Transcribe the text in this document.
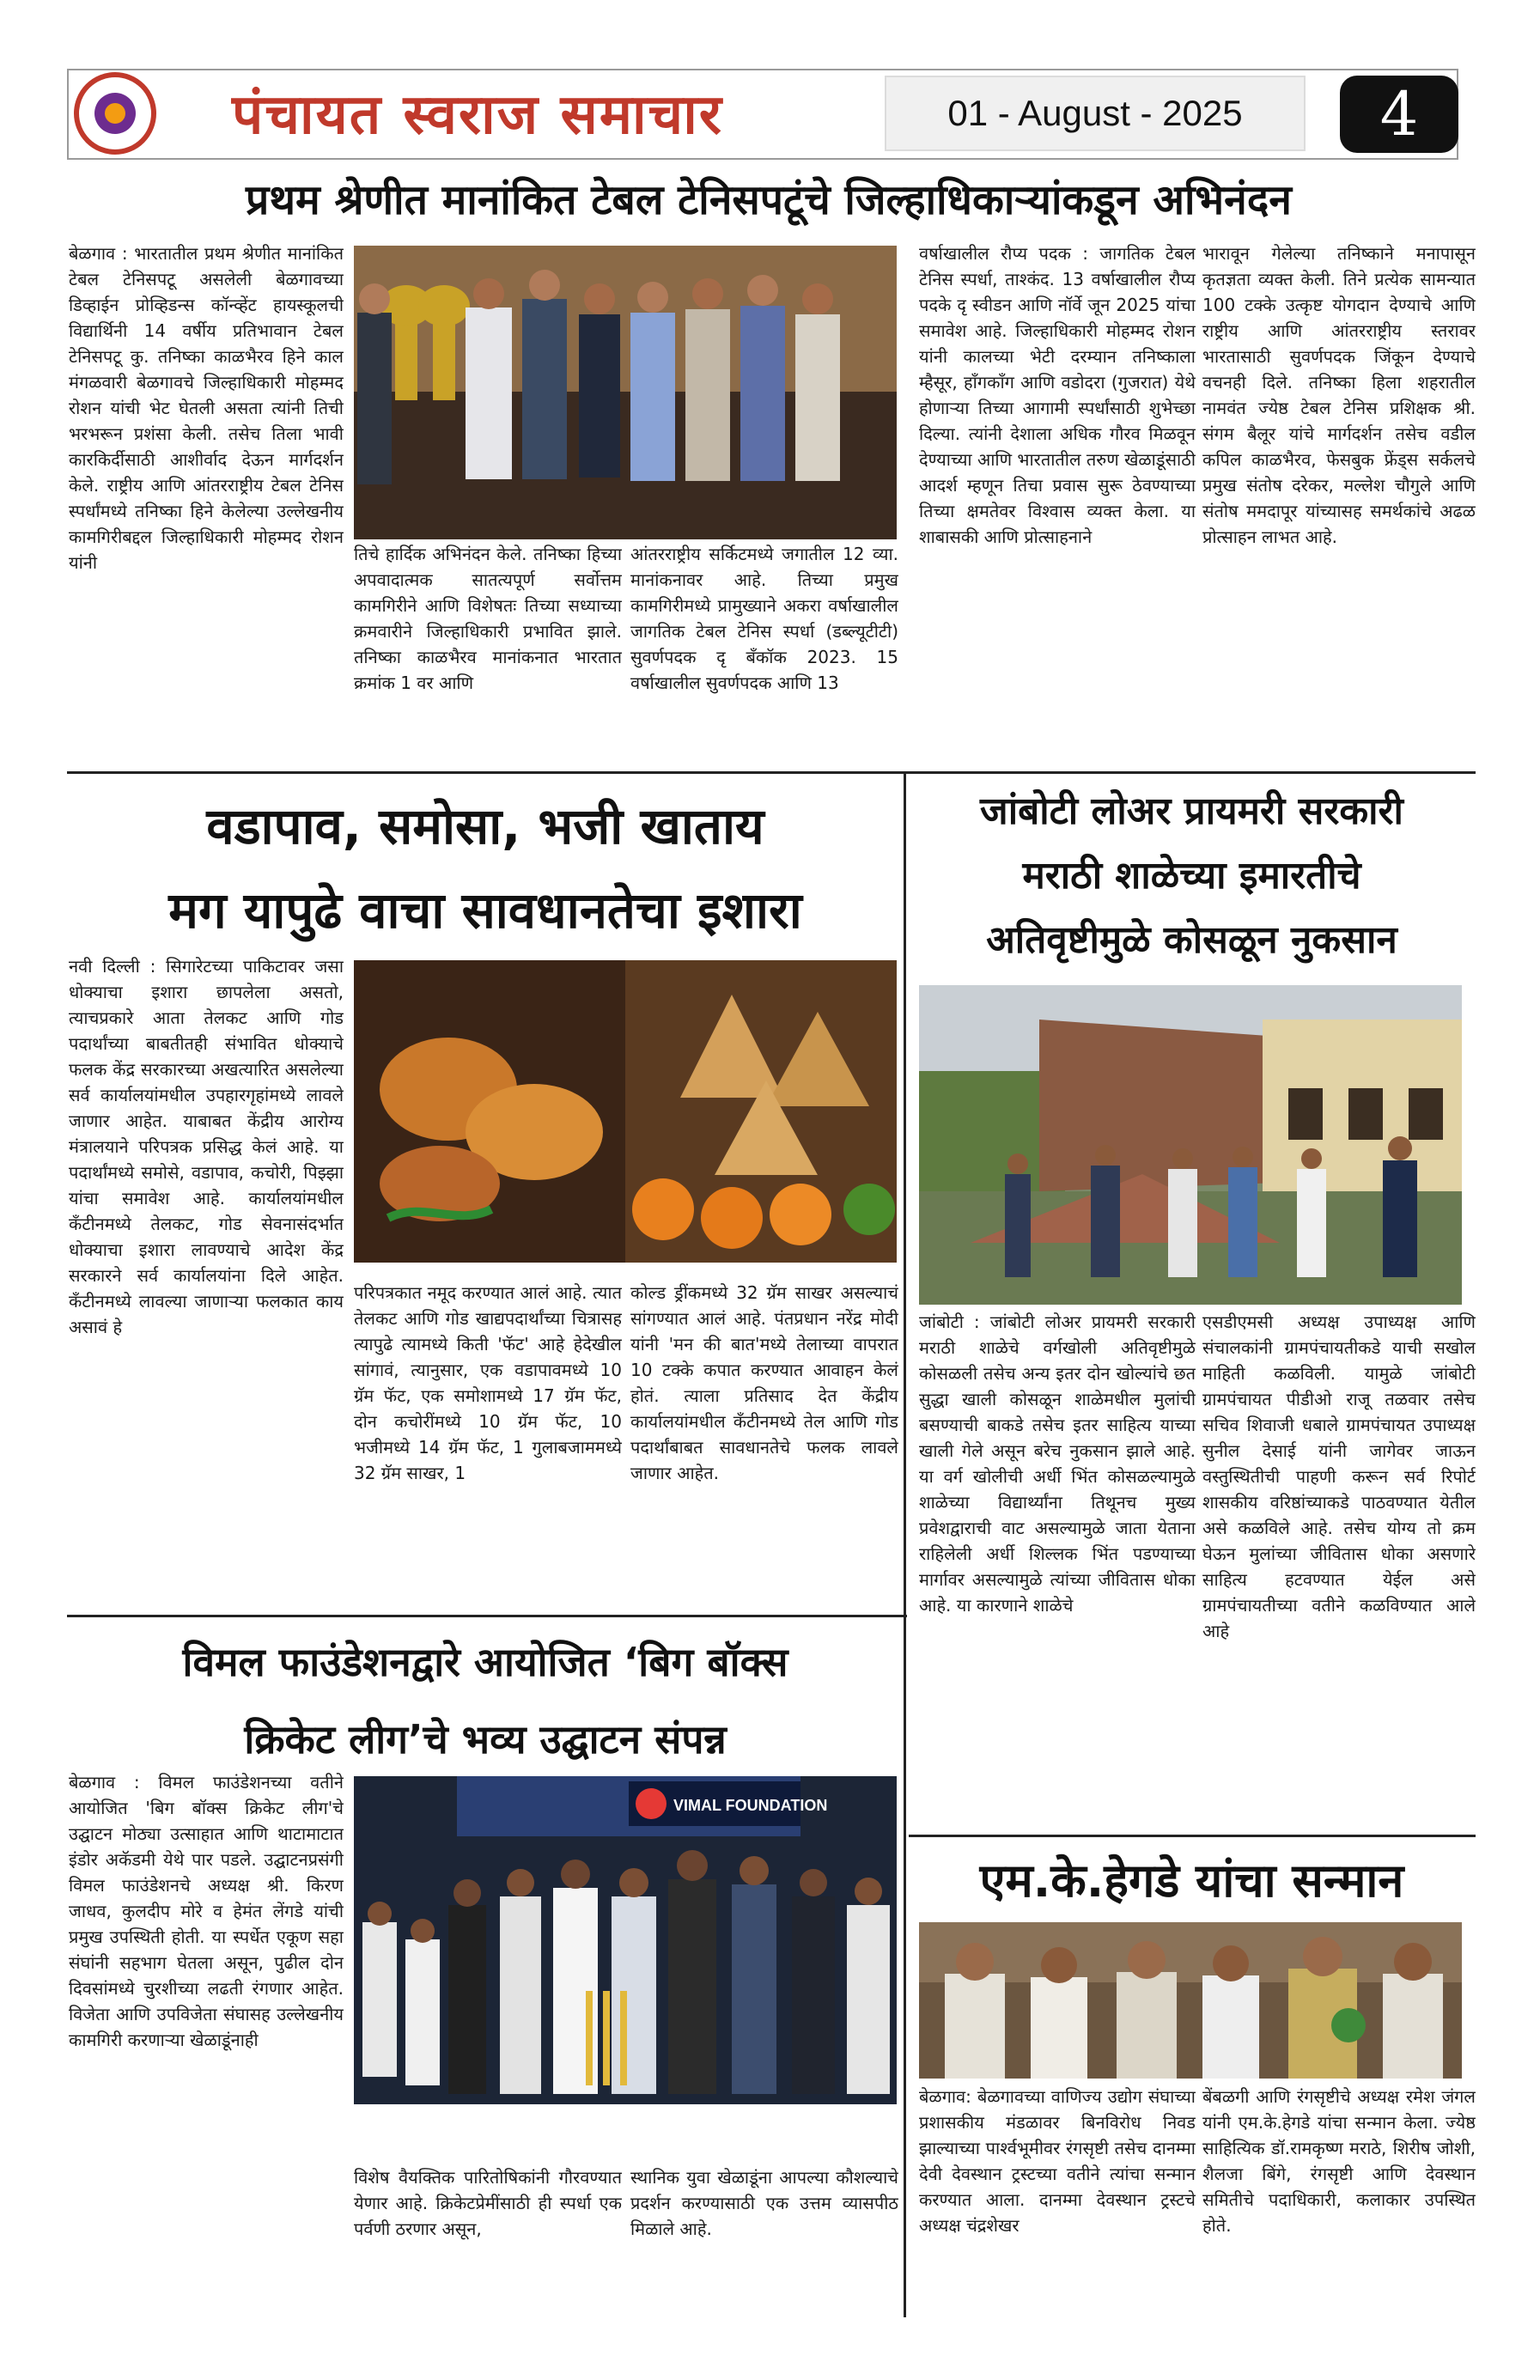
पंचायत स्वराज समाचार	01 - August - 2025	4
प्रथम श्रेणीत मानांकित टेबल टेनिसपटूंचे जिल्हाधिकाऱ्यांकडून अभिनंदन
बेळगाव : भारतातील प्रथम श्रेणीत मानांकित टेबल टेनिसपटू असलेली बेळगावच्या डिव्हाईन प्रोव्हिडन्स कॉन्व्हेंट हायस्कूलची विद्यार्थिनी 14 वर्षीय प्रतिभावान टेबल टेनिसपटू कु. तनिष्का काळभैरव हिने काल मंगळवारी बेळगावचे जिल्हाधिकारी मोहम्मद रोशन यांची भेट घेतली असता त्यांनी तिची भरभरून प्रशंसा केली. तसेच तिला भावी कारकिर्दीसाठी आशीर्वाद देऊन मार्गदर्शन केले. राष्ट्रीय आणि आंतरराष्ट्रीय टेबल टेनिस स्पर्धांमध्ये तनिष्का हिने केलेल्या उल्लेखनीय कामगिरीबद्दल जिल्हाधिकारी मोहम्मद रोशन यांनी	तिचे हार्दिक अभिनंदन केले. तनिष्का हिच्या अपवादात्मक सातत्यपूर्ण सर्वोत्तम कामगिरीने आणि विशेषतः तिच्या सध्याच्या क्रमवारीने जिल्हाधिकारी प्रभावित झाले. तनिष्का काळभैरव मानांकनात भारतात क्रमांक 1 वर आणि
आंतरराष्ट्रीय सर्किटमध्ये जगातील 12 व्या. मानांकनावर आहे. तिच्या प्रमुख कामगिरीमध्ये प्रामुख्याने अकरा वर्षाखालील जागतिक टेबल टेनिस स्पर्धा (डब्ल्यूटीटी) सुवर्णपदक दृ बँकॉक 2023. 15 वर्षाखालील सुवर्णपदक आणि 13
वर्षाखालील रौप्य पदक : जागतिक टेबल टेनिस स्पर्धा, ताश्कंद. 13 वर्षाखालील रौप्य पदके दृ स्वीडन आणि नॉर्वे जून 2025 यांचा समावेश आहे. जिल्हाधिकारी मोहम्मद रोशन यांनी कालच्या भेटी दरम्यान तनिष्काला म्हैसूर, हाँगकाँग आणि वडोदरा (गुजरात) येथे होणाऱ्या तिच्या आगामी स्पर्धांसाठी शुभेच्छा दिल्या. त्यांनी देशाला अधिक गौरव मिळवून देण्याच्या आणि भारतातील तरुण खेळाडूंसाठी आदर्श म्हणून तिचा प्रवास सुरू ठेवण्याच्या तिच्या क्षमतेवर विश्वास व्यक्त केला. या शाबासकी आणि प्रोत्साहनाने
भारावून गेलेल्या तनिष्काने मनापासून कृतज्ञता व्यक्त केली. तिने प्रत्येक सामन्यात 100 टक्के उत्कृष्ट योगदान देण्याचे आणि राष्ट्रीय आणि आंतरराष्ट्रीय स्तरावर भारतासाठी सुवर्णपदक जिंकून देण्याचे वचनही दिले. तनिष्का हिला शहरातील नामवंत ज्येष्ठ टेबल टेनिस प्रशिक्षक श्री. संगम बैलूर यांचे मार्गदर्शन तसेच वडील कपिल काळभैरव, फेसबुक फ्रेंड्स सर्कलचे प्रमुख संतोष दरेकर, मल्लेश चौगुले आणि संतोष ममदापूर यांच्यासह समर्थकांचे अढळ प्रोत्साहन लाभत आहे.
वडापाव, समोसा, भजी खाताय
मग यापुढे वाचा सावधानतेचा इशारा
नवी दिल्ली : सिगारेटच्या पाकिटावर जसा धोक्याचा इशारा छापलेला असतो, त्याचप्रकारे आता तेलकट आणि गोड पदार्थांच्या बाबतीतही संभावित धोक्याचे फलक केंद्र सरकारच्या अखत्यारित असलेल्या सर्व कार्यालयांमधील उपहारगृहांमध्ये लावले जाणार आहेत. याबाबत केंद्रीय आरोग्य मंत्रालयाने परिपत्रक प्रसिद्ध केलं आहे. या पदार्थांमध्ये समोसे, वडापाव, कचोरी, पिझ्झा यांचा समावेश आहे. कार्यालयांमधील कँटीनमध्ये तेलकट, गोड सेवनासंदर्भात धोक्याचा इशारा लावण्याचे आदेश केंद्र सरकारने सर्व कार्यालयांना दिले आहेत. कँटीनमध्ये लावल्या जाणाऱ्या फलकात काय असावं हे
परिपत्रकात नमूद करण्यात आलं आहे. त्यात तेलकट आणि गोड खाद्यपदार्थांच्या चित्रासह त्यापुढे त्यामध्ये किती 'फॅट' आहे हेदेखील सांगावं, त्यानुसार, एक वडापावमध्ये 10 ग्रॅम फॅट, एक समोशामध्ये 17 ग्रॅम फॅट, दोन कचोरींमध्ये 10 ग्रॅम फॅट, 10 भजीमध्ये 14 ग्रॅम फॅट, 1 गुलाबजाममध्ये 32 ग्रॅम साखर, 1
कोल्ड ड्रींकमध्ये 32 ग्रॅम साखर असल्याचं सांगण्यात आलं आहे. पंतप्रधान नरेंद्र मोदी यांनी 'मन की बात'मध्ये तेलाच्या वापरात 10 टक्के कपात करण्यात आवाहन केलं होतं. त्याला प्रतिसाद देत केंद्रीय कार्यालयांमधील कँटीनमध्ये तेल आणि गोड पदार्थांबाबत सावधानतेचे फलक लावले जाणार आहेत.
जांबोटी लोअर प्रायमरी सरकारी
मराठी शाळेच्या इमारतीचे
अतिवृष्टीमुळे कोसळून नुकसान
जांबोटी : जांबोटी लोअर प्रायमरी सरकारी मराठी शाळेचे वर्गखोली अतिवृष्टीमुळे कोसळली तसेच अन्य इतर दोन खोल्यांचे छत सुद्धा खाली कोसळून शाळेमधील मुलांची बसण्याची बाकडे तसेच इतर साहित्य याच्या खाली गेले असून बरेच नुकसान झाले आहे. या वर्ग खोलीची अर्धी भिंत कोसळल्यामुळे शाळेच्या विद्यार्थ्यांना तिथूनच मुख्य प्रवेशद्वाराची वाट असल्यामुळे जाता येताना राहिलेली अर्धी शिल्लक भिंत पडण्याच्या मार्गावर असल्यामुळे त्यांच्या जीवितास धोका आहे. या कारणाने शाळेचे
एसडीएमसी अध्यक्ष उपाध्यक्ष आणि संचालकांनी ग्रामपंचायतीकडे याची सखोल माहिती कळविली. यामुळे जांबोटी ग्रामपंचायत पीडीओ राजू तळवार तसेच सचिव शिवाजी धबाले ग्रामपंचायत उपाध्यक्ष सुनील देसाई यांनी जागेवर जाऊन वस्तुस्थितीची पाहणी करून सर्व रिपोर्ट शासकीय वरिष्ठांच्याकडे पाठवण्यात येतील असे कळविले आहे. तसेच योग्य तो क्रम घेऊन मुलांच्या जीवितास धोका असणारे साहित्य हटवण्यात येईल असे ग्रामपंचायतीच्या वतीने कळविण्यात आले आहे
विमल फाउंडेशनद्वारे आयोजित ‘बिग बॉक्स
क्रिकेट लीग’चे भव्य उद्घाटन संपन्न
बेळगाव : विमल फाउंडेशनच्या वतीने आयोजित 'बिग बॉक्स क्रिकेट लीग'चे उद्घाटन मोठ्या उत्साहात आणि थाटामाटात इंडोर अकॅडमी येथे पार पडले. उद्घाटनप्रसंगी विमल फाउंडेशनचे अध्यक्ष श्री. किरण जाधव, कुलदीप मोरे व हेमंत लेंगडे यांची प्रमुख उपस्थिती होती. या स्पर्धेत एकूण सहा संघांनी सहभाग घेतला असून, पुढील दोन दिवसांमध्ये चुरशीच्या लढती रंगणार आहेत. विजेता आणि उपविजेता संघासह उल्लेखनीय कामगिरी करणाऱ्या खेळाडूंनाही
VIMAL FOUNDATION
विशेष वैयक्तिक पारितोषिकांनी गौरवण्यात येणार आहे. क्रिकेटप्रेमींसाठी ही स्पर्धा एक पर्वणी ठरणार असून,
स्थानिक युवा खेळाडूंना आपल्या कौशल्याचे प्रदर्शन करण्यासाठी एक उत्तम व्यासपीठ मिळाले आहे.
एम.के.हेगडे यांचा सन्मान
बेळगाव: बेळगावच्या वाणिज्य उद्योग संघाच्या प्रशासकीय मंडळावर बिनविरोध निवड झाल्याच्या पार्श्वभूमीवर रंगसृष्टी तसेच दानम्मा देवी देवस्थान ट्रस्टच्या वतीने त्यांचा सन्मान करण्यात आला. दानम्मा देवस्थान ट्रस्टचे अध्यक्ष चंद्रशेखर
बेंबळगी आणि रंगसृष्टीचे अध्यक्ष रमेश जंगल यांनी एम.के.हेगडे यांचा सन्मान केला. ज्येष्ठ साहित्यिक डॉ.रामकृष्ण मराठे, शिरीष जोशी, शैलजा बिंगे, रंगसृष्टी आणि देवस्थान समितीचे पदाधिकारी, कलाकार उपस्थित होते.
